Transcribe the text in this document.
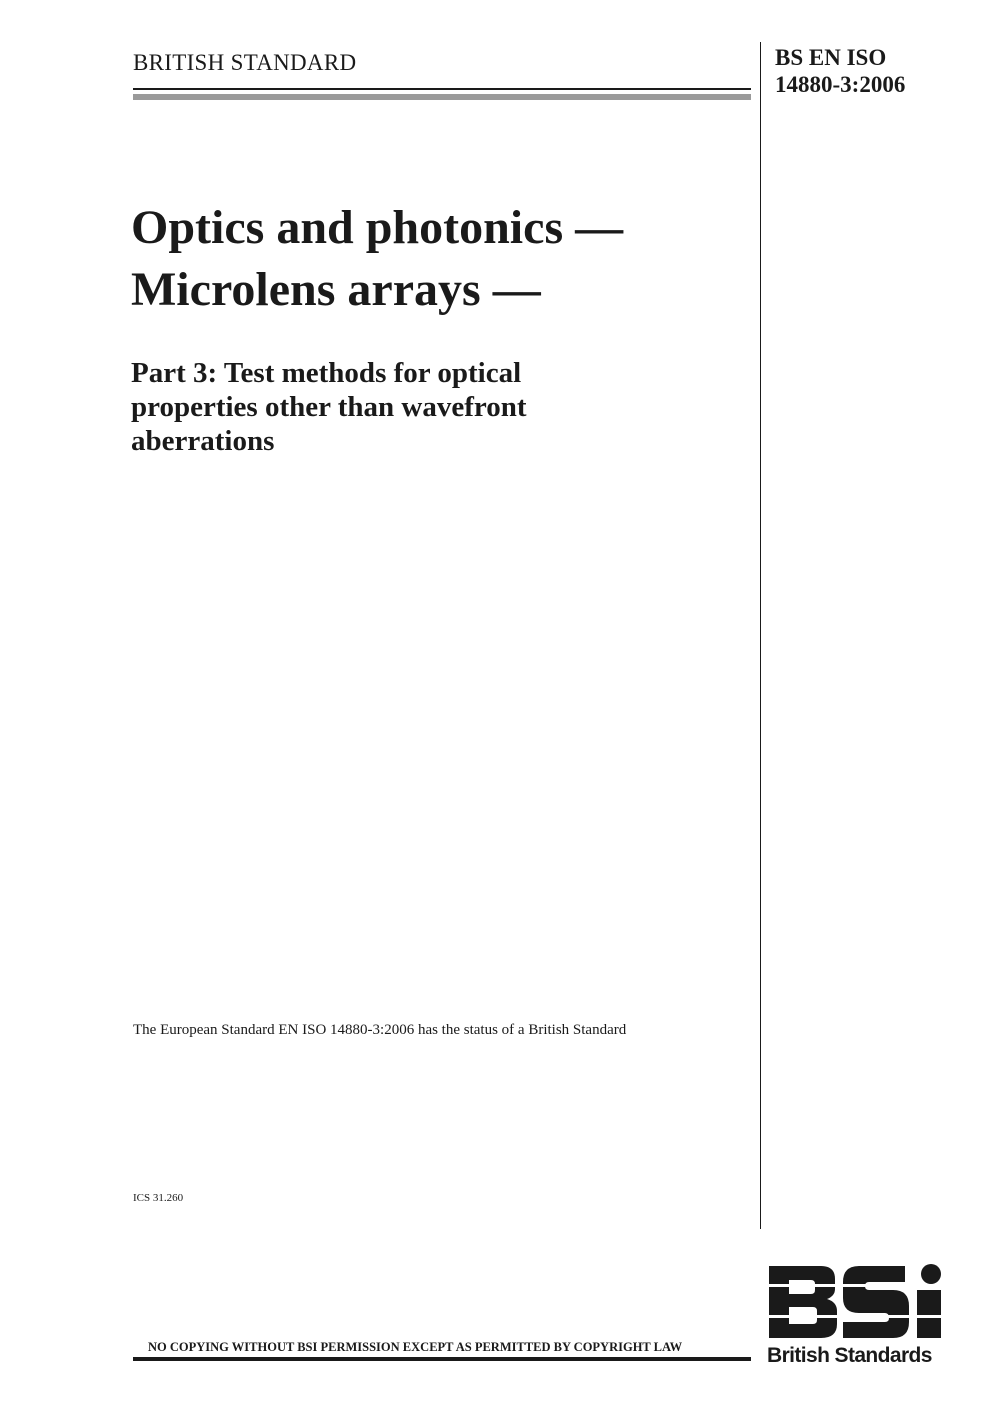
BRITISH STANDARD	BS EN ISO
14880-3:2006
Optics and photonics —
Microlens arrays —
Part 3: Test methods for optical
properties other than wavefront
aberrations
The European Standard EN ISO 14880-3:2006 has the status of a British Standard
ICS 31.260
NO COPYING WITHOUT BSI PERMISSION EXCEPT AS PERMITTED BY COPYRIGHT LAW	British Standards
